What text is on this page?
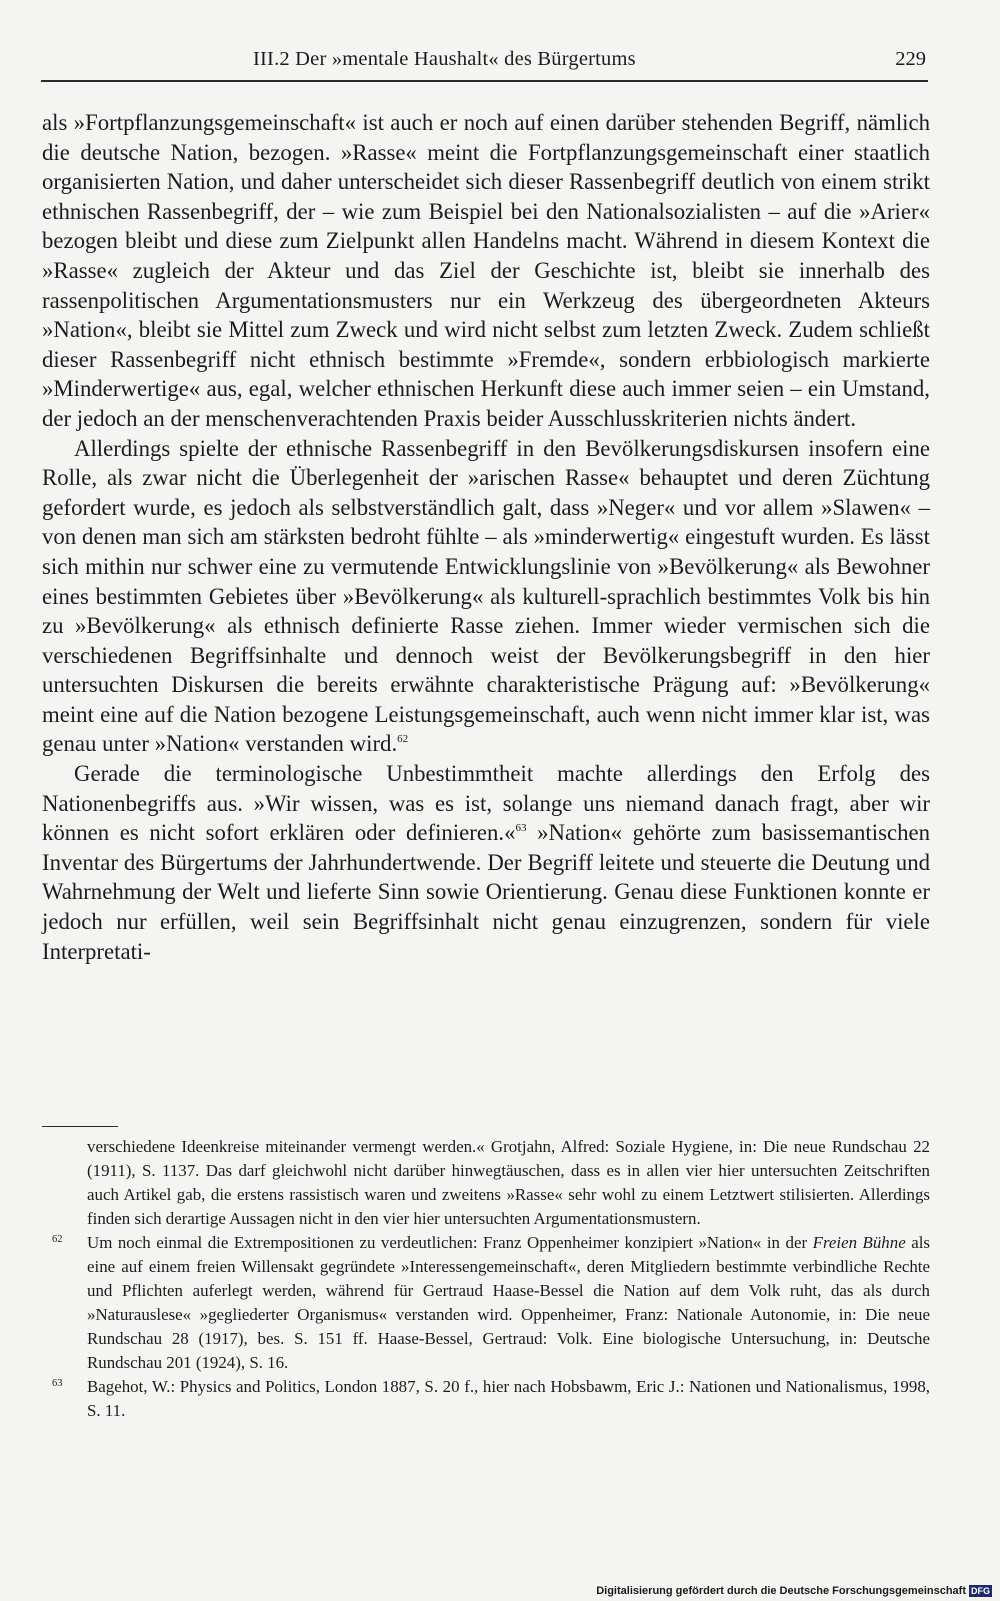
III.2 Der »mentale Haushalt« des Bürgertums	229

als »Fortpflanzungsgemeinschaft« ist auch er noch auf einen darüber stehenden Begriff, nämlich die deutsche Nation, bezogen. »Rasse« meint die Fortpflanzungsgemeinschaft einer staatlich organisierten Nation, und daher unterscheidet sich dieser Rassenbegriff deutlich von einem strikt ethnischen Rassenbegriff, der – wie zum Beispiel bei den Nationalsozialisten – auf die »Arier« bezogen bleibt und diese zum Zielpunkt allen Handelns macht. Während in diesem Kontext die »Rasse« zugleich der Akteur und das Ziel der Geschichte ist, bleibt sie innerhalb des rassenpolitischen Argumentationsmusters nur ein Werkzeug des übergeordneten Akteurs »Nation«, bleibt sie Mittel zum Zweck und wird nicht selbst zum letzten Zweck. Zudem schließt dieser Rassenbegriff nicht ethnisch bestimmte »Fremde«, sondern erbbiologisch markierte »Minderwertige« aus, egal, welcher ethnischen Herkunft diese auch immer seien – ein Umstand, der jedoch an der menschenverachtenden Praxis beider Ausschlusskriterien nichts ändert.

Allerdings spielte der ethnische Rassenbegriff in den Bevölkerungsdiskursen insofern eine Rolle, als zwar nicht die Überlegenheit der »arischen Rasse« behauptet und deren Züchtung gefordert wurde, es jedoch als selbstverständlich galt, dass »Neger« und vor allem »Slawen« – von denen man sich am stärksten bedroht fühlte – als »minderwertig« eingestuft wurden. Es lässt sich mithin nur schwer eine zu vermutende Entwicklungslinie von »Bevölkerung« als Bewohner eines bestimmten Gebietes über »Bevölkerung« als kulturell-sprachlich bestimmtes Volk bis hin zu »Bevölkerung« als ethnisch definierte Rasse ziehen. Immer wieder vermischen sich die verschiedenen Begriffsinhalte und dennoch weist der Bevölkerungsbegriff in den hier untersuchten Diskursen die bereits erwähnte charakteristische Prägung auf: »Bevölkerung« meint eine auf die Nation bezogene Leistungsgemeinschaft, auch wenn nicht immer klar ist, was genau unter »Nation« verstanden wird.$^{62}$

Gerade die terminologische Unbestimmtheit machte allerdings den Erfolg des Nationenbegriffs aus. »Wir wissen, was es ist, solange uns niemand danach fragt, aber wir können es nicht sofort erklären oder definieren.«$^{63}$ »Nation« gehörte zum basissemantischen Inventar des Bürgertums der Jahrhundertwende. Der Begriff leitete und steuerte die Deutung und Wahrnehmung der Welt und lieferte Sinn sowie Orientierung. Genau diese Funktionen konnte er jedoch nur erfüllen, weil sein Begriffsinhalt nicht genau einzugrenzen, sondern für viele Interpretati-

verschiedene Ideenkreise miteinander vermengt werden.« Grotjahn, Alfred: Soziale Hygiene, in: Die neue Rundschau 22 (1911), S. 1137. Das darf gleichwohl nicht darüber hinwegtäuschen, dass es in allen vier hier untersuchten Zeitschriften auch Artikel gab, die erstens rassistisch waren und zweitens »Rasse« sehr wohl zu einem Letztwert stilisierten. Allerdings finden sich derartige Aussagen nicht in den vier hier untersuchten Argumentationsmustern.

62 Um noch einmal die Extrempositionen zu verdeutlichen: Franz Oppenheimer konzipiert »Nation« in der Freien Bühne als eine auf einem freien Willensakt gegründete »Interessengemeinschaft«, deren Mitgliedern bestimmte verbindliche Rechte und Pflichten auferlegt werden, während für Gertraud Haase-Bessel die Nation auf dem Volk ruht, das als durch »Naturauslese« »gegliederter Organismus« verstanden wird. Oppenheimer, Franz: Nationale Autonomie, in: Die neue Rundschau 28 (1917), bes. S. 151 ff. Haase-Bessel, Gertraud: Volk. Eine biologische Untersuchung, in: Deutsche Rundschau 201 (1924), S. 16.

63 Bagehot, W.: Physics and Politics, London 1887, S. 20 f., hier nach Hobsbawm, Eric J.: Nationen und Nationalismus, 1998, S. 11.

Digitalisierung gefördert durch die Deutsche Forschungsgemeinschaft DFG
